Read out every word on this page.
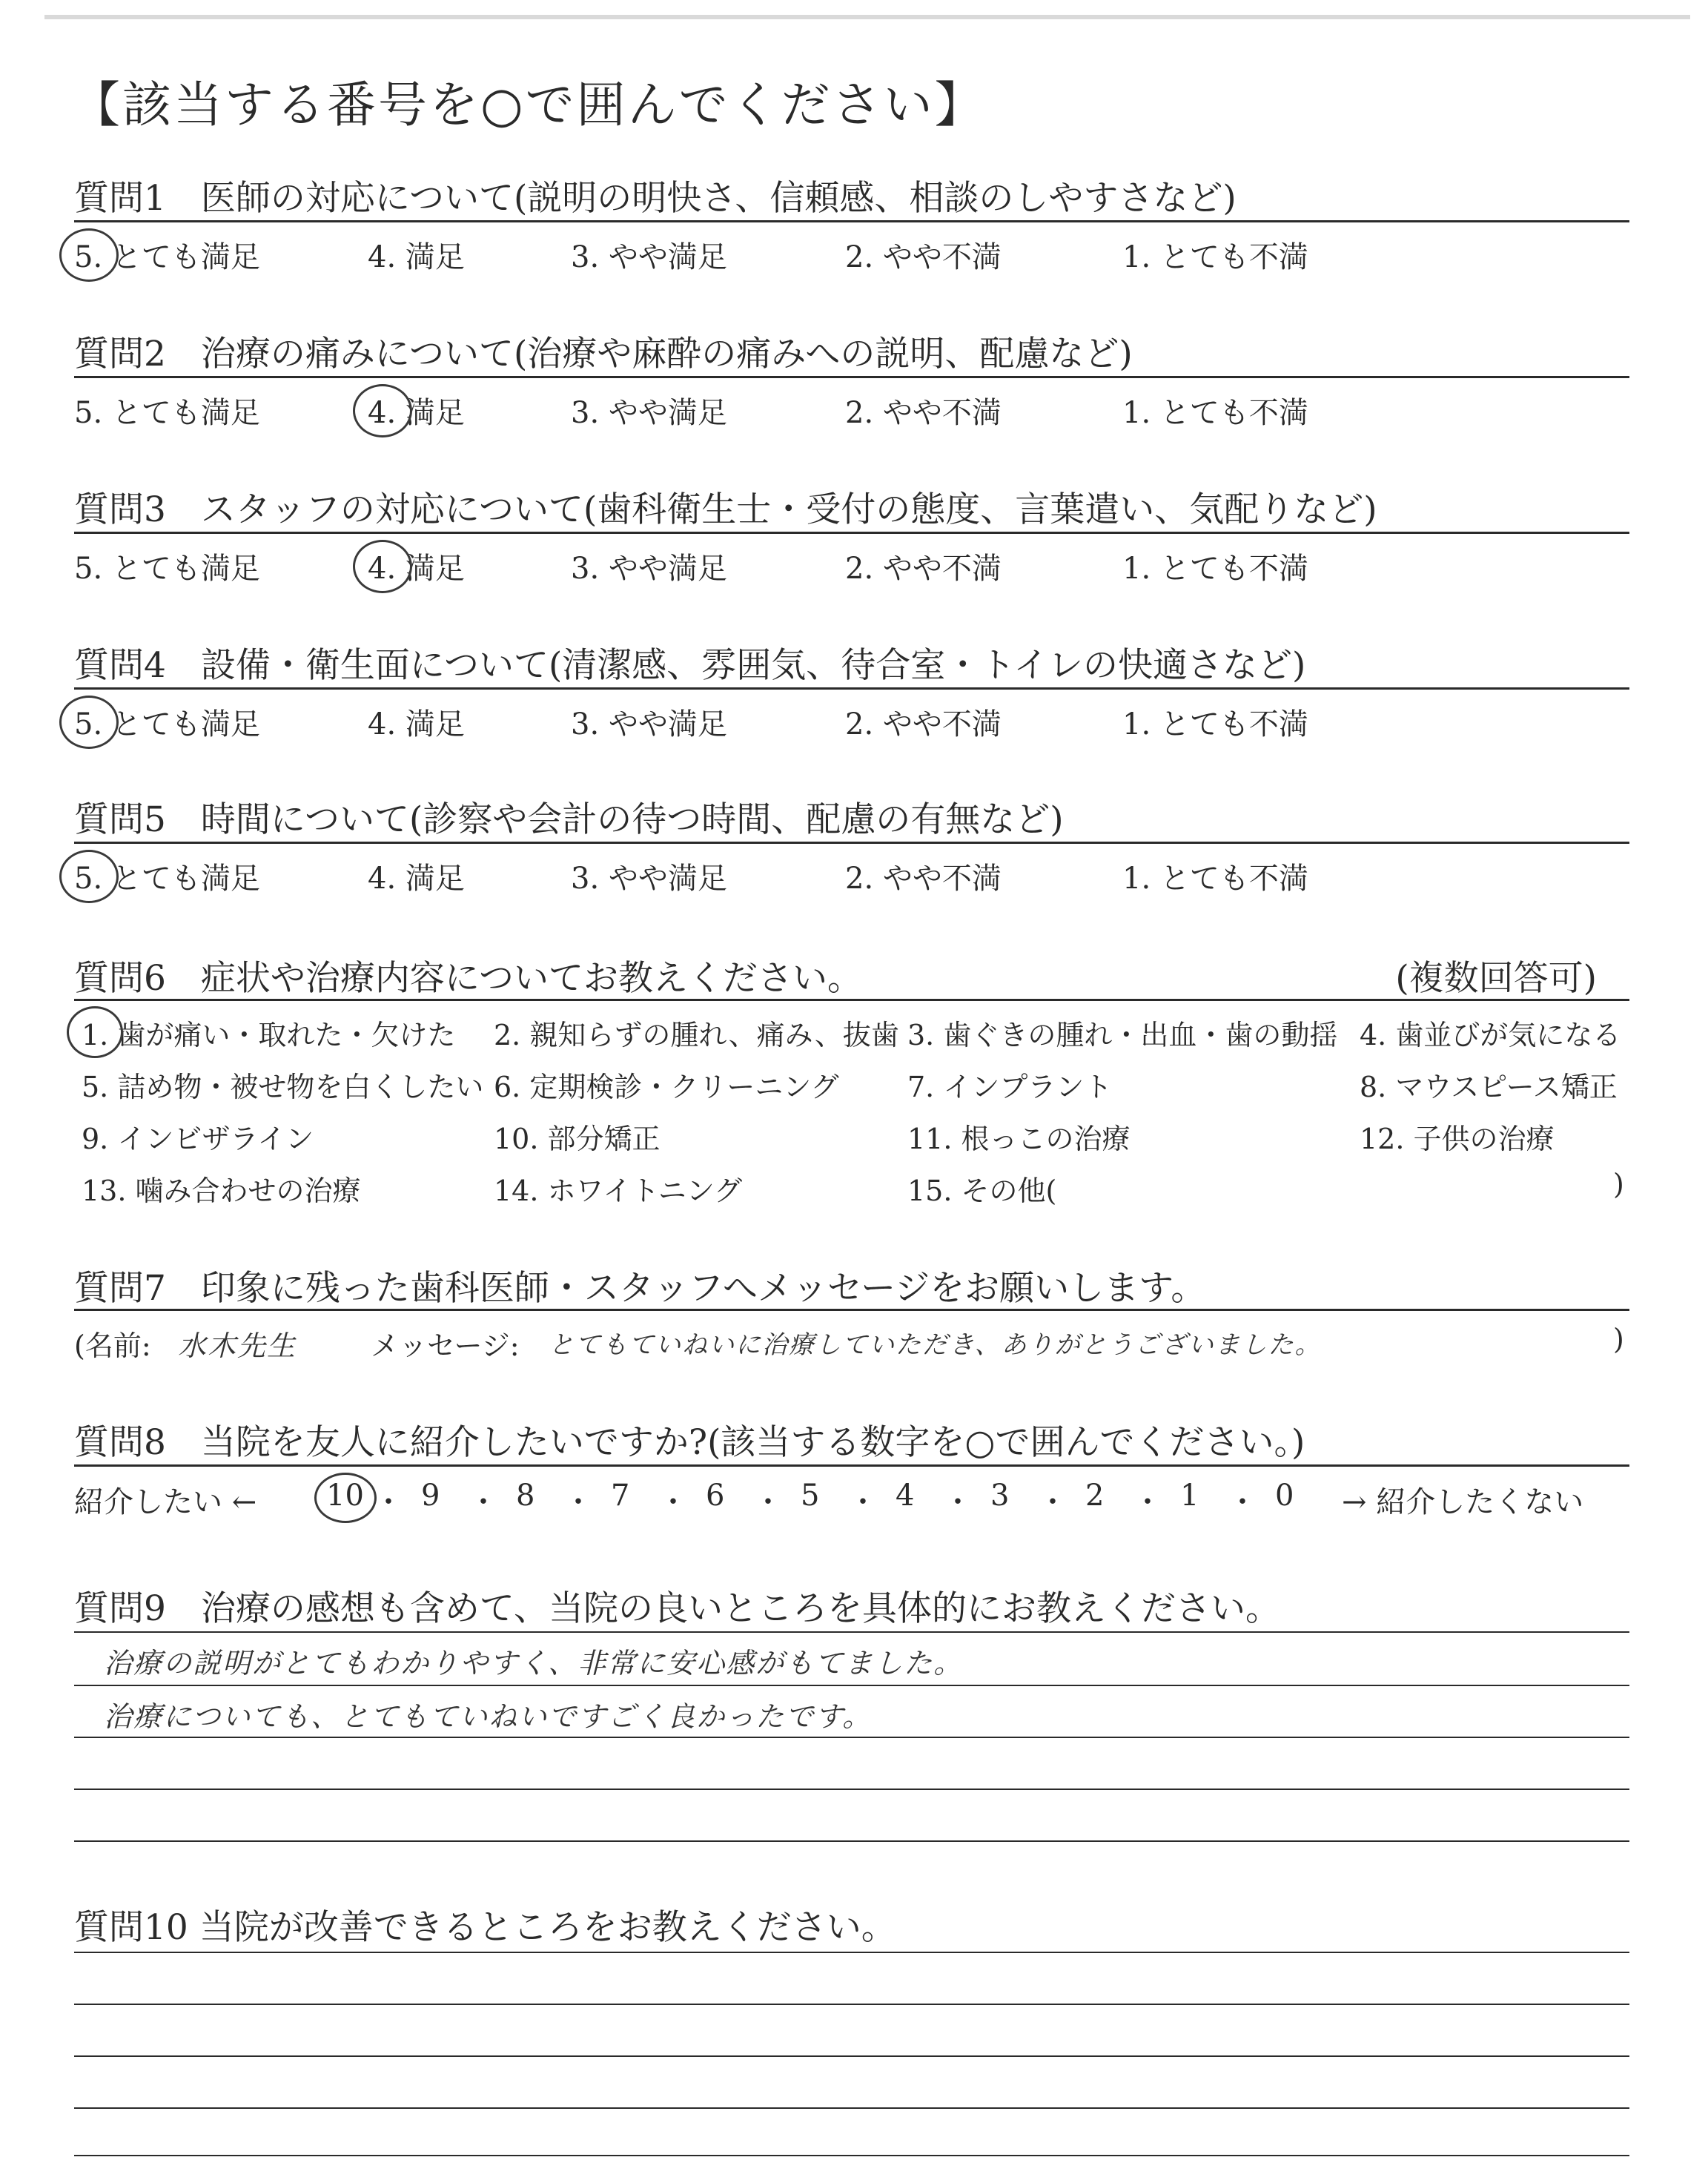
【該当する番号を○で囲んでください】
質問1　医師の対応について(説明の明快さ、信頼感、相談のしやすさなど)
5. とても満足	4. 満足	3. やや満足	2. やや不満	1. とても不満
質問2　治療の痛みについて(治療や麻酔の痛みへの説明、配慮など)
5. とても満足	4. 満足	3. やや満足	2. やや不満	1. とても不満
質問3　スタッフの対応について(歯科衛生士・受付の態度、言葉遣い、気配りなど)
5. とても満足	4. 満足	3. やや満足	2. やや不満	1. とても不満
質問4　設備・衛生面について(清潔感、雰囲気、待合室・トイレの快適さなど)
5. とても満足	4. 満足	3. やや満足	2. やや不満	1. とても不満
質問5　時間について(診察や会計の待つ時間、配慮の有無など)
5. とても満足	4. 満足	3. やや満足	2. やや不満	1. とても不満
質問6　症状や治療内容についてお教えください。	(複数回答可)
1. 歯が痛い・取れた・欠けた 2. 親知らずの腫れ、痛み、抜歯 3. 歯ぐきの腫れ・出血・歯の動揺 4. 歯並びが気になる
5. 詰め物・被せ物を白くしたい 6. 定期検診・クリーニング 7. インプラント	8. マウスピース矯正
9. インビザライン	10. 部分矯正	11. 根っこの治療	12. 子供の治療
13. 噛み合わせの治療	14. ホワイトニング	15. その他(	)
質問7　印象に残った歯科医師・スタッフへメッセージをお願いします。
(名前: 水木先生	メッセージ: とてもていねいに治療していただき、ありがとうございました。	)
質問8　当院を友人に紹介したいですか?(該当する数字を○で囲んでください。)
紹介したい ← 10 ・ 9 ・ 8 ・ 7 ・ 6 ・ 5 ・ 4 ・ 3 ・ 2 ・ 1 ・ 0 → 紹介したくない
質問9　治療の感想も含めて、当院の良いところを具体的にお教えください。
治療の説明がとてもわかりやすく、非常に安心感がもてました。
治療についても、とてもていねいですごく良かったです。
質問10 当院が改善できるところをお教えください。
